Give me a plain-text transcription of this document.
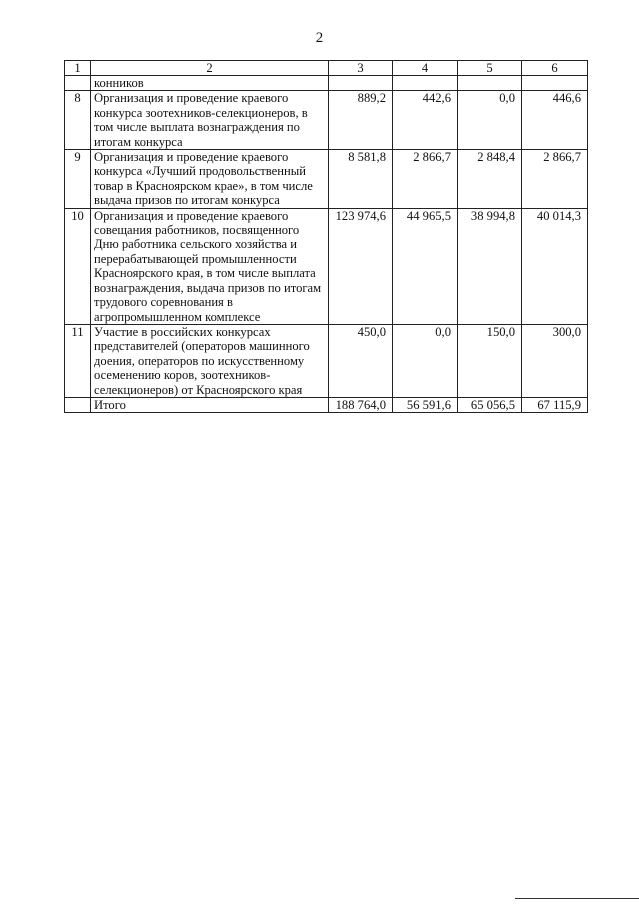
2
1	2	3	4	5	6
	конников				
8	Организация и проведение краевого конкурса зоотехников-селекционеров, в том числе выплата вознаграждения по итогам конкурса	889,2	442,6	0,0	446,6
9	Организация и проведение краевого конкурса «Лучший продовольственный товар в Красноярском крае», в том числе выдача призов по итогам конкурса	8 581,8	2 866,7	2 848,4	2 866,7
10	Организация и проведение краевого совещания работников, посвященного Дню работника сельского хозяйства и перерабатывающей промышленности Красноярского края, в том числе выплата вознаграждения, выдача призов по итогам трудового соревнования в агропромышленном комплексе	123 974,6	44 965,5	38 994,8	40 014,3
11	Участие в российских конкурсах представителей (операторов машинного доения, операторов по искусственному осеменению коров, зоотехников-селекционеров) от Красноярского края	450,0	0,0	150,0	300,0
	Итого	188 764,0	56 591,6	65 056,5	67 115,9
